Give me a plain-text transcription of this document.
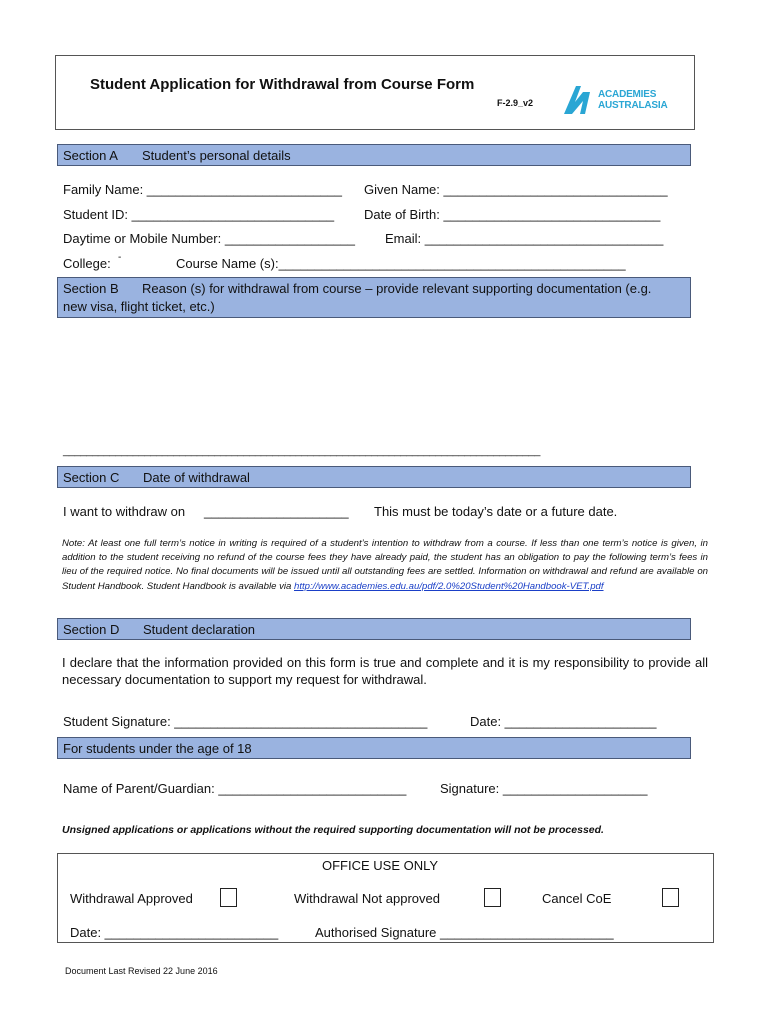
Student Application for Withdrawal from Course Form
F-2.9_v2
ACADEMIES
AUSTRALASIA
Section A Student’s personal details
Family Name: ___________________________ Given Name: _______________________________
Student ID: ____________________________ Date of Birth: ______________________________
Daytime or Mobile Number: __________________ Email: _________________________________
College: -	Course Name (s):________________________________________________
Section B Reason (s) for withdrawal from course – provide relevant supporting documentation (e.g.
new visa, flight ticket, etc.)
__________________________________________________________________________________
Section C Date of withdrawal
I want to withdraw on ____________________ This must be today’s date or a future date.
Note: At least one full term’s notice in writing is required of a student’s intention to withdraw from a course. If less than one term’s notice is given, in addition to the student receiving no refund of the course fees they have already paid, the student has an obligation to pay the following term’s fees in lieu of the required notice. No final documents will be issued until all outstanding fees are settled. Information on withdrawal and refund are available on Student Handbook. Student Handbook is available via http://www.academies.edu.au/pdf/2.0%20Student%20Handbook-VET.pdf
Section D Student declaration
I declare that the information provided on this form is true and complete and it is my responsibility to provide all necessary documentation to support my request for withdrawal.
Student Signature: ___________________________________	Date: _____________________
For students under the age of 18
Name of Parent/Guardian: __________________________	Signature: ____________________
Unsigned applications or applications without the required supporting documentation will not be processed.
OFFICE USE ONLY
Withdrawal Approved	Withdrawal Not approved	Cancel CoE
Date: ________________________	Authorised Signature ________________________
Document Last Revised 22 June 2016
